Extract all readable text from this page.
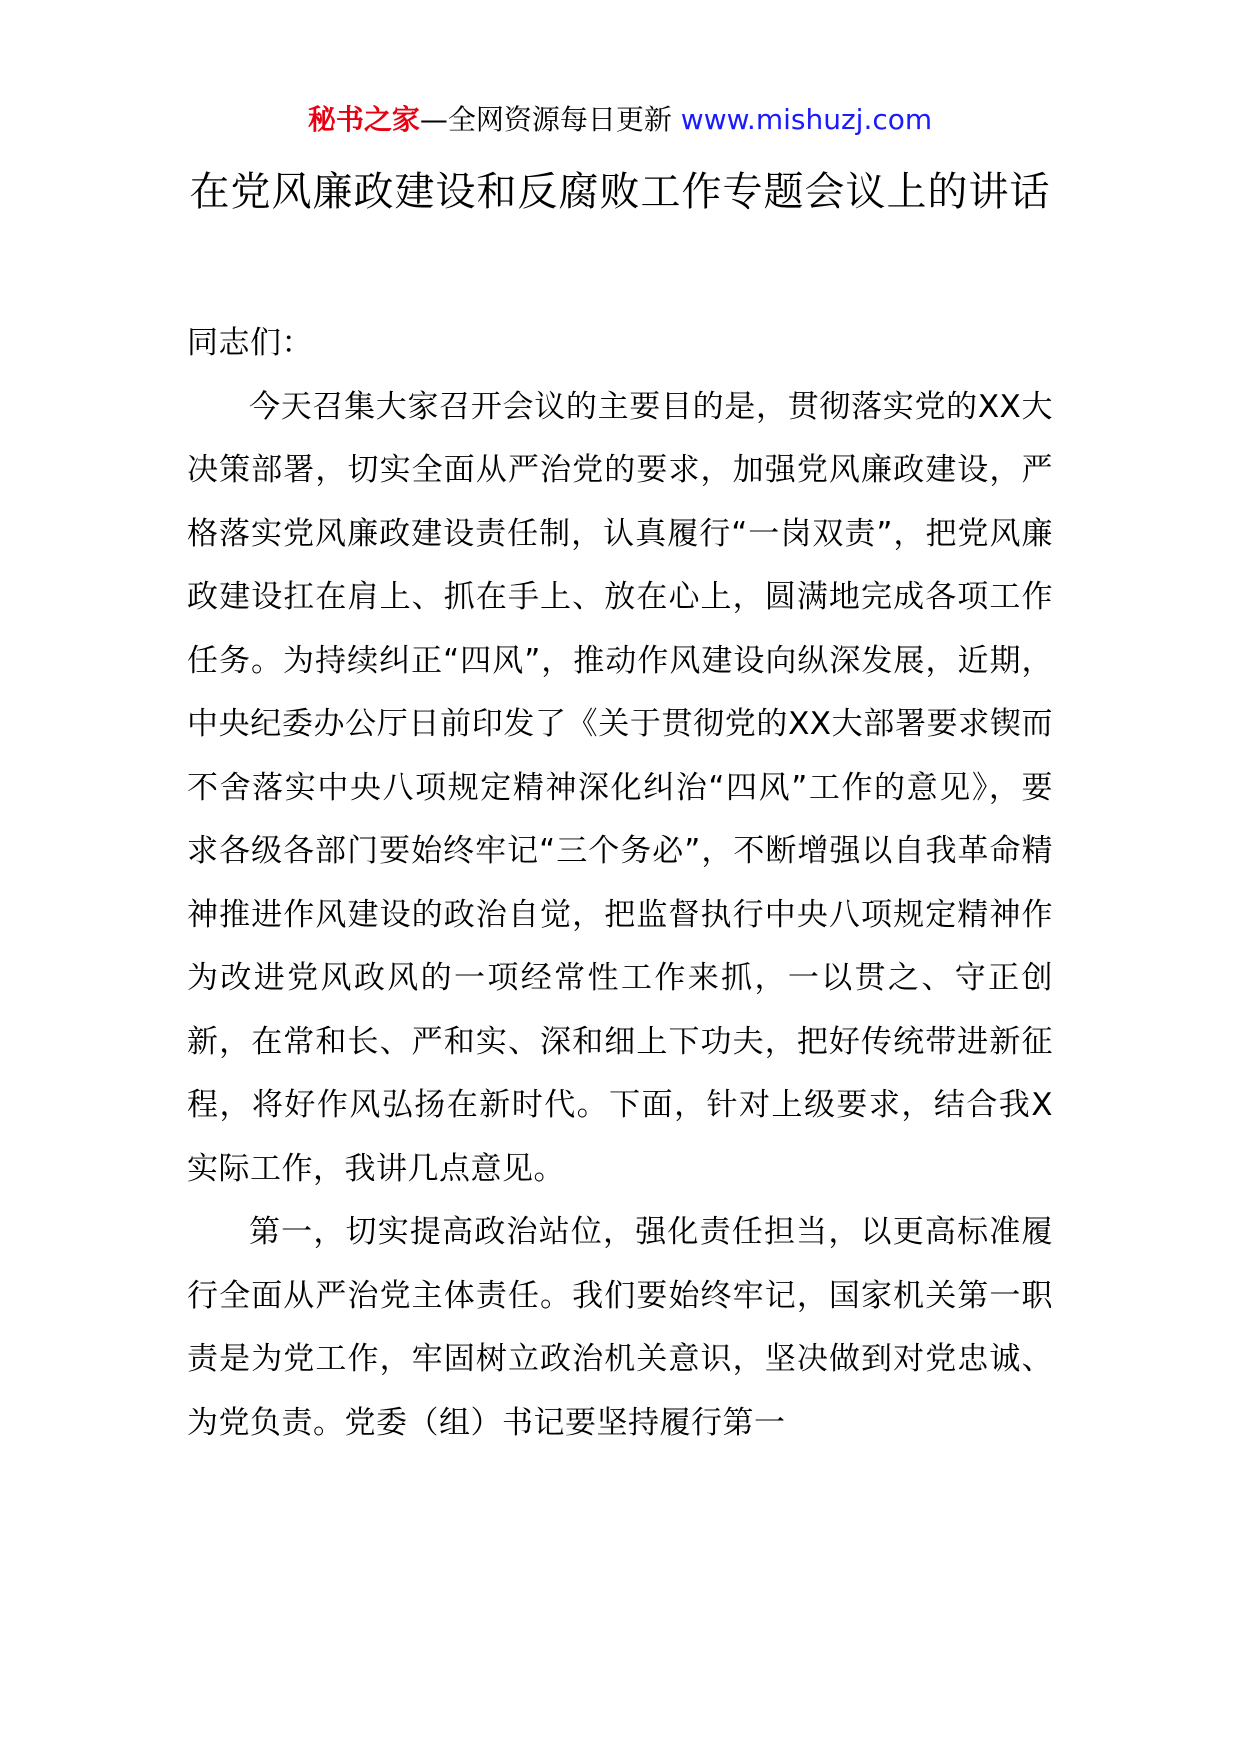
秘书之家—全网资源每日更新 www.mishuzj.com
在党风廉政建设和反腐败工作专题会议上的讲话

同志们：

今天召集大家召开会议的主要目的是，贯彻落实党的XX大决策部署，切实全面从严治党的要求，加强党风廉政建设，严格落实党风廉政建设责任制，认真履行“一岗双责”，把党风廉政建设扛在肩上、抓在手上、放在心上，圆满地完成各项工作任务。为持续纠正“四风”，推动作风建设向纵深发展，近期，中央纪委办公厅日前印发了《关于贯彻党的XX大部署要求锲而不舍落实中央八项规定精神深化纠治“四风”工作的意见》，要求各级各部门要始终牢记“三个务必”，不断增强以自我革命精神推进作风建设的政治自觉，把监督执行中央八项规定精神作为改进党风政风的一项经常性工作来抓，一以贯之、守正创新，在常和长、严和实、深和细上下功夫，把好传统带进新征程，将好作风弘扬在新时代。下面，针对上级要求，结合我X实际工作，我讲几点意见。

第一，切实提高政治站位，强化责任担当，以更高标准履行全面从严治党主体责任。我们要始终牢记，国家机关第一职责是为党工作，牢固树立政治机关意识，坚决做到对党忠诚、为党负责。党委（组）书记要坚持履行第一
